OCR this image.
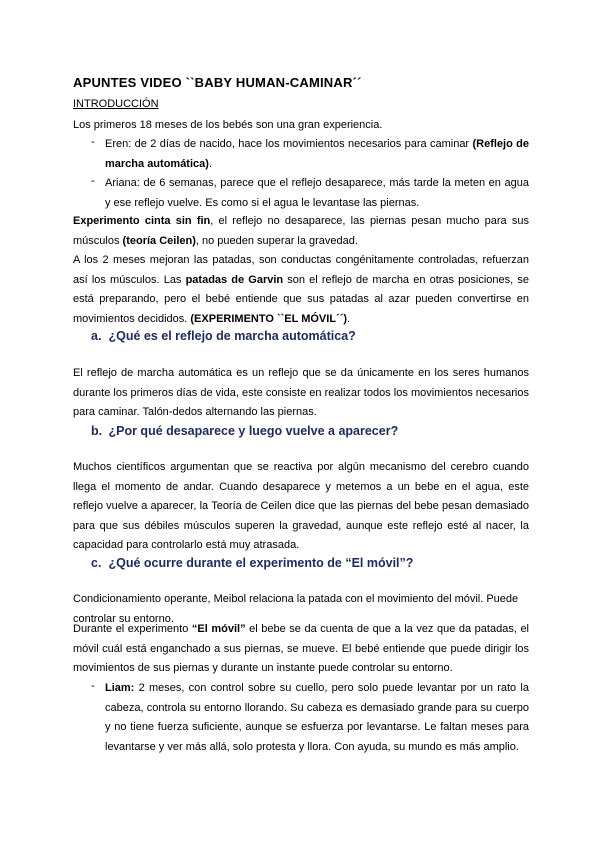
APUNTES VIDEO ``BABY HUMAN-CAMINAR´´
INTRODUCCIÓN

Los primeros 18 meses de los bebés son una gran experiencia.

- Eren: de 2 días de nacido, hace los movimientos necesarios para caminar (Reflejo de marcha automática).

- Ariana: de 6 semanas, parece que el reflejo desaparece, más tarde la meten en agua y ese reflejo vuelve. Es como si el agua le levantase las piernas.

Experimento cinta sin fin, el reflejo no desaparece, las piernas pesan mucho para sus músculos (teoría Ceilen), no pueden superar la gravedad.

A los 2 meses mejoran las patadas, son conductas congénitamente controladas, refuerzan así los músculos. Las patadas de Garvin son el reflejo de marcha en otras posiciones, se está preparando, pero el bebé entiende que sus patadas al azar pueden convertirse en movimientos decididos. (EXPERIMENTO ``EL MÓVIL´´).

a. ¿Qué es el reflejo de marcha automática?

El reflejo de marcha automática es un reflejo que se da únicamente en los seres humanos durante los primeros días de vida, este consiste en realizar todos los movimientos necesarios para caminar. Talón-dedos alternando las piernas.

b. ¿Por qué desaparece y luego vuelve a aparecer?

Muchos científicos argumentan que se reactiva por algún mecanismo del cerebro cuando llega el momento de andar. Cuando desaparece y metemos a un bebe en el agua, este reflejo vuelve a aparecer, la Teoría de Ceilen dice que las piernas del bebe pesan demasiado para que sus débiles músculos superen la gravedad, aunque este reflejo esté al nacer, la capacidad para controlarlo está muy atrasada.

c. ¿Qué ocurre durante el experimento de “El móvil”?

Condicionamiento operante, Meibol relaciona la patada con el movimiento del móvil. Puede controlar su entorno.

Durante el experimento “El móvil” el bebe se da cuenta de que a la vez que da patadas, el móvil cuál está enganchado a sus piernas, se mueve. El bebé entiende que puede dirigir los movimientos de sus piernas y durante un instante puede controlar su entorno.

- Liam: 2 meses, con control sobre su cuello, pero solo puede levantar por un rato la cabeza, controla su entorno llorando. Su cabeza es demasiado grande para su cuerpo y no tiene fuerza suficiente, aunque se esfuerza por levantarse. Le faltan meses para levantarse y ver más allá, solo protesta y llora. Con ayuda, su mundo es más amplio.
